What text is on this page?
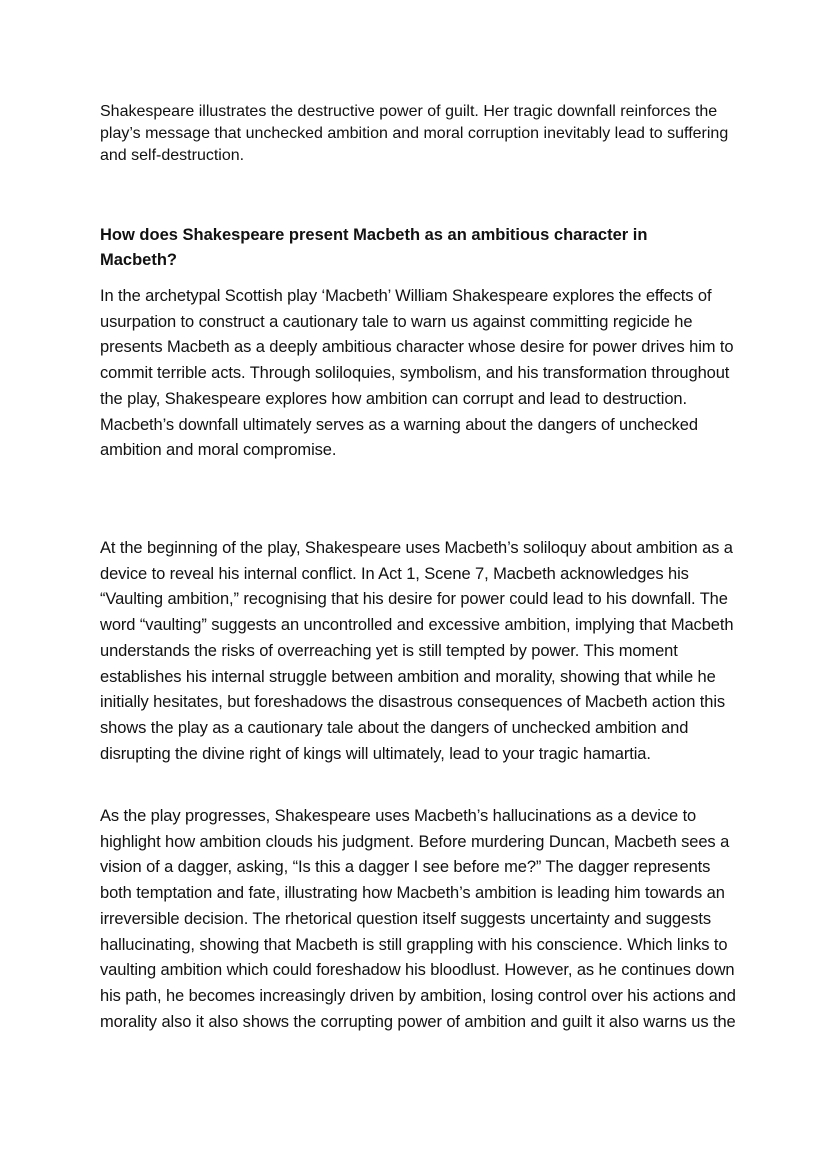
Shakespeare illustrates the destructive power of guilt. Her tragic downfall reinforces the play’s message that unchecked ambition and moral corruption inevitably lead to suffering and self-destruction.

How does Shakespeare present Macbeth as an ambitious character in Macbeth?

In the archetypal Scottish play ‘Macbeth’ William Shakespeare explores the effects of usurpation to construct a cautionary tale to warn us against committing regicide he presents Macbeth as a deeply ambitious character whose desire for power drives him to commit terrible acts. Through soliloquies, symbolism, and his transformation throughout the play, Shakespeare explores how ambition can corrupt and lead to destruction. Macbeth’s downfall ultimately serves as a warning about the dangers of unchecked ambition and moral compromise.

At the beginning of the play, Shakespeare uses Macbeth’s soliloquy about ambition as a device to reveal his internal conflict. In Act 1, Scene 7, Macbeth acknowledges his “Vaulting ambition,” recognising that his desire for power could lead to his downfall. The word “vaulting” suggests an uncontrolled and excessive ambition, implying that Macbeth understands the risks of overreaching yet is still tempted by power. This moment establishes his internal struggle between ambition and morality, showing that while he initially hesitates, but foreshadows the disastrous consequences of Macbeth action this shows the play as a cautionary tale about the dangers of unchecked ambition and disrupting the divine right of kings will ultimately, lead to your tragic hamartia.

As the play progresses, Shakespeare uses Macbeth’s hallucinations as a device to highlight how ambition clouds his judgment. Before murdering Duncan, Macbeth sees a vision of a dagger, asking, “Is this a dagger I see before me?” The dagger represents both temptation and fate, illustrating how Macbeth’s ambition is leading him towards an irreversible decision. The rhetorical question itself suggests uncertainty and suggests hallucinating, showing that Macbeth is still grappling with his conscience. Which links to vaulting ambition which could foreshadow his bloodlust. However, as he continues down his path, he becomes increasingly driven by ambition, losing control over his actions and morality also it also shows the corrupting power of ambition and guilt it also warns us the
